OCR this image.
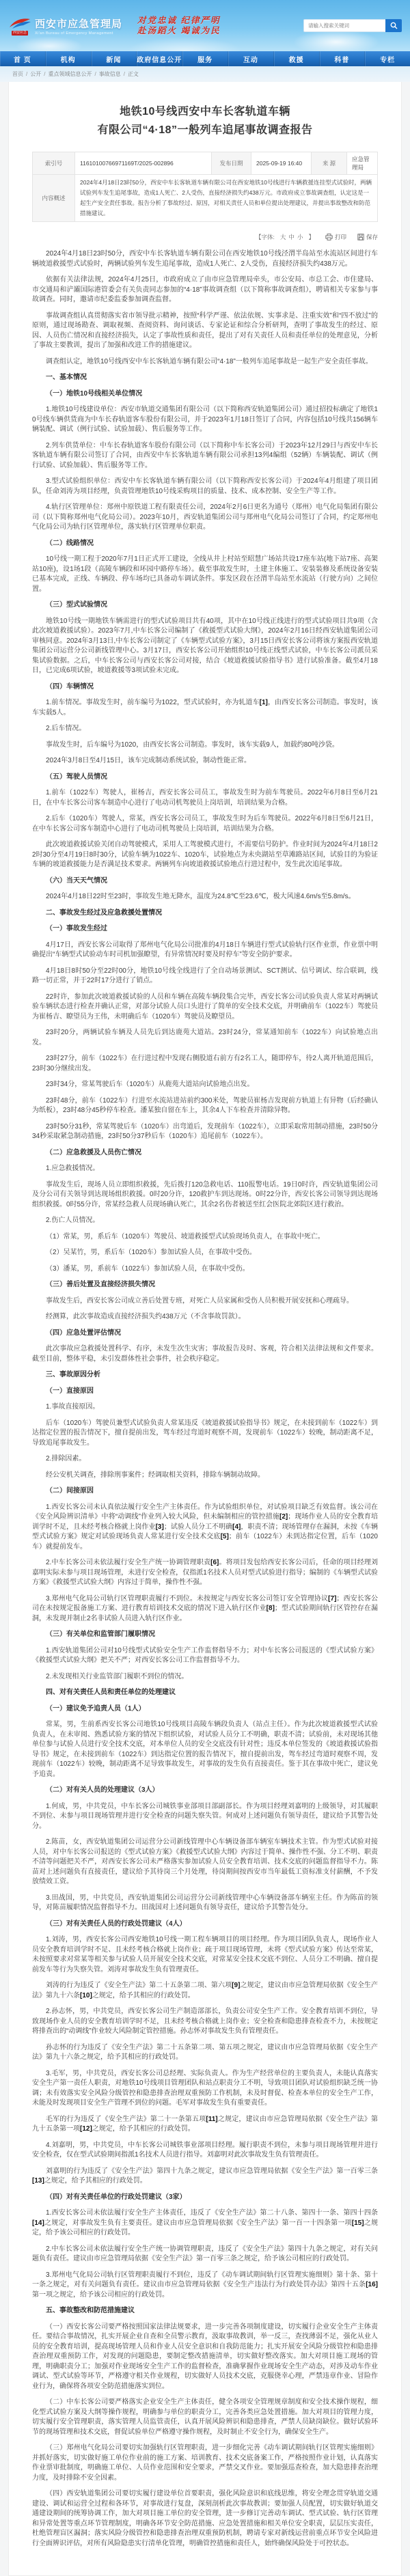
西安应急
西安市应急管理局
Xi'an Bureau of Emergency Management
对党忠诚 纪律严明
赴汤蹈火 竭诚为民
请输入搜索关键词
首 页	机构	新闻	政府信息公开	服务	互动	救援	科普	专栏
首页 / 公开 / 重点领域信息公开 / 事故信息 / 正文
地铁10号线西安中车长客轨道车辆
有限公司“4·18”一般列车追尾事故调查报告
索引号	11610100766971169T/2025-002896	发布日期	2025-09-19 16:40	来 源	应急管理局
内容概述	2024年4月18日23时50分，西安中车长客轨道车辆有限公司在西安地铁10号线进行车辆救援连挂型式试验时，两辆试验列车发生追尾事故，造成1人死亡、2人受伤，直接经济损失约438万元。市政府成立事故调查组，认定这是一起生产安全责任事故。报告分析了事故经过、原因，对相关责任人员和单位提出处理建议，并提出事故整改和防范措施建议。				
【字体: 大 中 小 】	打印	保存
2024年4月18日23时50分，西安中车长客轨道车辆有限公司在西安地铁10号线泾渭半岛站至水流站区间进行车辆坡道救援型式试验时，两辆试验列车发生追尾事故，造成1人死亡、2人受伤，直接经济损失约438万元。
依据有关法律法规，2024年4月25日，市政府成立了由市应急管理局牵头，市公安局、市总工会、市住建局、市交通局和浐灞国际港管委会有关负责同志参加的“4·18”事故调查组（以下简称事故调查组），聘请相关专家参与事故调查。同时，邀请市纪委监委参加调查监督。
事故调查组认真贯彻落实省市领导批示精神，按照“科学严谨、依法依规、实事求是、注重实效”和“四不放过”的原则，通过现场勘查、调取视频、查阅资料、询问谈话、专家论证和综合分析研判，查明了事故发生的经过、原因、人员伤亡情况和直接经济损失，认定了事故性质和责任，提出了对有关责任人员和责任单位的处理意见，分析了事故主要教训，提出了加强和改进工作的措施建议。
调查组认定，地铁10号线西安中车长客轨道车辆有限公司“4·18”一般列车追尾事故是一起生产安全责任事故。
一、基本情况
（一）地铁10号线相关单位情况
1.地铁10号线建设单位：西安市轨道交通集团有限公司（以下简称西安轨道集团公司）通过招投标确定了地铁10号线车辆供货商为中车长春轨道客车股份有限公司，并于2023年1月18日签订了合同，内容包括10号线共156辆车辆装配、调试（例行试验、试验加载）、售后服务等工作。
2.列车供货单位：中车长春轨道客车股份有限公司（以下简称中车长客公司）于2023年12月29日与西安中车长客轨道车辆有限公司签订了合同，由西安中车长客轨道车辆有限公司承担13列4编组（52辆）车辆装配、调试（例行试验、试验加载）、售后服务等工作。
3.型式试验组织单位：西安中车长客轨道车辆有限公司（以下简称西安长客公司）于2024年4月组建了项目团队，任命刘涛为项目经理，负责管理地铁10号线采购项目的质量、技术、成本控制、安全生产等工作。
4.轨行区管理单位：郑州中原铁道工程有限责任公司，2024年2月6日更名为通号（郑州）电气化局集团有限公司（以下简称郑州电气化局公司）。2023年10月，西安轨道集团公司与郑州电气化局公司签订了合同，约定郑州电气化局公司为轨行区管理单位，落实轨行区管理单位职责。
（二）线路情况
10号线一期工程于2020年7月1日正式开工建设，全线从井上村站至昭慧广场站共设17座车站(地下站7座、高架站10座)，设1场1段（高陵车辆段和环园中路停车场）。截至事故发生时，土建主体施工、安装装修及系统设备安装已基本完成，正线、车辆段、停车场均已具备动车调试条件。事发区段在泾渭半岛站至水流站（行驶方向）之间位置。
（三）型式试验情况
地铁10号线一期地铁车辆需进行的型式试验项目共有40项，其中在10号线正线进行的型式试验项目共9项（含此次坡道救援试验）。2023年7月,中车长客公司编制了《救援型式试验大纲》，2024年2月16日经西安轨道集团公司审核同意。2024年3月13日,中车长客公司制定了《车辆型式试验方案》，3月15日西安长客公司将该方案报西安轨道集团公司运营分公司新线管理中心。3月17日，西安长客公司开始组织10号线正线型式试验，中车长客公司派员采集试验数据。之后，中车长客公司与西安长客公司对接，结合《坡道救援试验指导书》进行试验准备。截至4月18日，已完成6项试验，坡道救援等3项试验未完成。
（四）车辆情况
1.前车情况。事故发生时，前车编号为1022，型式试验时，亦为轧道车[1]，由西安长客公司制造。事发时，该车实载5人。
2.后车情况。
事故发生时，后车编号为1020，由西安长客公司制造。事发时，该车实载9人，加载约80吨沙袋。
2024年3月8日至4月15日，该车完成制动系统试验，制动性能正常。
（五）驾驶人员情况
1.前车（1022车）驾驶人，崔杨吉，西安长客公司员工，事故发生时为前车驾驶员。2022年6月8日至6月21日，在中车长客公司客车制造中心进行了电动司机驾驶员上岗培训，培训结果为合格。
2.后车（1020车）驾驶人，常某，西安长客公司员工，事故发生时为后车驾驶员。2022年6月8日至6月21日，在中车长客公司客车制造中心进行了电动司机驾驶员上岗培训，培训结果为合格。
此次坡道救援试验关闭自动驾驶模式，采用人工驾驶模式进行，不需要信号防护。作业时间为2024年4月18日22时30分至4月19日8时30分，试验车辆为1022车、1020车，试验地点为未央湖站至草滩路站区间，试验目的为验证车辆的坡道救援能力是否满足技术要求。两辆列车向坡道救援试验地点行进过程中，发生此次追尾事故。
（六）当天天气情况
2024年4月18日22时至23时，事故发生地无降水，温度为24.8℃至23.6℃，极大风速4.6m/s至5.8m/s。
二、事故发生经过及应急救援处置情况
（一）事故发生经过
4月17日，西安长客公司取得了郑州电气化局公司批准的4月18日车辆进行型式试验轨行区作业票，作业票中明确提出“车辆型式试验动车时司机加强瞭望，有异常情况时要及时停车”等安全防护要求。
4月18日8时50分至22时00分，地铁10号线全线进行了全自动场景测试、SCT测试、信号调试、综合联调，线路一切正常，并于22时17分进行了销点。
22时许，参加此次坡道救援试验的人员和车辆在高陵车辆段集合完毕，西安长客公司试验负责人常某对两辆试验车辆状态进行检查并确认正常，对部分试验人员口头进行了简单的安全技术交底，并明确前车（1022车）驾驶员为崔杨吉、瞭望员为王伟，未明确后车（1020车）驾驶员及瞭望员。
23时20分，两辆试验车辆及人员先后到达鹿苑大道站。23时24分，常某通知前车（1022车）向试验地点出发。
23时27分，前车（1022车）在行进过程中发现右侧股道右前方有2名工人，随即停车，待2人离开轨道范围后，23时30分继续出发。
23时34分，常某驾驶后车（1020车）从鹿苑大道站向试验地点出发。
23时48分，前车（1022车）行进至水流站进站前约300米处，驾驶员崔杨吉发现前方轨道上有异物（后经确认为纸板），23时48分45秒停车检查。潘某独自留在车上，其余4人下车检查并清除异物。
23时50分31秒，常某驾驶后车（1020车）出弯道后，发现前车（1022车），立即采取常用制动措施，23时50分34秒采取紧急制动措施，23时50分37秒后车（1020车）追尾前车（1022车）。
（二）应急救援及人员伤亡情况
1.应急救援情况。
事故发生后，现场人员立即组织救援，先后拨打120急救电话、110报警电话。19日0时许，西安轨道集团公司及分公司有关领导到达现场组织救援。0时20分许，120救护车到达现场。0时22分许，西安长客公司领导到达现场组织救援。0时55分许，常某经急救人员现场确认死亡，其余2名伤者被送至红会医院北郊院区进行救治。
2.伤亡人员情况。
（1）常某，男，系后车（1020车）驾驶员、坡道救援型式试验现场负责人，在事故中死亡。
（2）吴某竹，男，系后车（1020车）参加试验人员，在事故中受伤。
（3）潘某，男，系前车（1022车）参加试验人员，在事故中受伤。
（三）善后处置及直接经济损失情况
事故发生后，西安长客公司成立善后处置专班，对死亡人员家属和受伤人员积极开展安抚和心理疏导。
经测算，此次事故造成直接经济损失约438万元（不含事故罚款）。
（四）应急处置评估情况
此次事故应急救援处置科学、有序，未发生次生灾害；事故报告及时、客观，符合相关法律法规和文件要求。截至目前，整体平稳，未引发群体性社会事件，社会秩序稳定。
三、事故原因分析
（一）直接原因
1.事故直接原因。
后车（1020车）驾驶员兼型式试验负责人常某违反《坡道救援试验指导书》规定，在未接到前车（1022车）到达指定位置的报告情况下，擅自提前出发，驾车经过弯道时观察不周，发现前车（1022车）较晚，制动距离不足，导致追尾事故发生。
2.排除因素。
经公安机关调查，排除刑事案件；经调取相关资料，排除车辆制动故障。
（二）间接原因
1.西安长客公司未认真依法履行安全生产主体责任。作为试验组织单位，对试验项目缺乏有效监督。该公司在《安全风险辨识清单》中将“动调线”作业列入较大风险，但未编制相应的管控措施[2]；现场作业人员的安全教育培训学时不足，且未经考核合格就上岗作业[3]；试验人员分工不明确[4]，职责不清；现场管理存在漏洞，未按《车辆型式试验方案》规定对试验现场负责人常某进行安全技术交底[5]；前车（1022车）未到达指定位置，后车（1020车）就提前发车。
2.中车长客公司未依法履行安全生产统一协调管理职责[6]。将项目发包给西安长客公司后，任命的项目经理刘嘉明实际未参与项目现场管理，未进行安全检查，仅指派1名技术人员对型式试验进行指导；编制的《车辆型式试验方案》《救援型式试验大纲》内容过于简单，操作性不强。
3.郑州电气化局公司轨行区管理职责履行不到位。未按规定与西安长客公司签订安全管理协议[7]；西安长客公司在未按规定报备施工方案、进行教育培训技术交底的情况下进入轨行区作业[8]；型式试验期间轨行区管控存在漏洞，未发现并制止2名非试验人员进入轨行区作业。
（三）有关单位和监管部门履职情况
1.西安轨道集团公司对10号线型式试验安全生产工作监督指导不力；对中车长客公司报送的《型式试验方案》《救援型式试验大纲》把关不严；对西安长客公司工作监督指导不力。
2.未发现相关行业监管部门履职不到位的情况。
四、对有关责任人员和责任单位的处理建议
（一）建议免予追责人员（1人）
常某，男，生前系西安长客公司地铁10号线项目高陵车辆段负责人（站点主任）。作为此次坡道救援型式试验负责人，在未审阅、熟悉试验方案的情况下组织试验，对试验人员分工不明确，职责不清；试验前，未对现场其他单位参与试验人员进行安全技术交底，对本单位人员的安全交底没有针对性；违反本单位签发的《坡道救援试验指导书》规定，在未接到前车（1022车）到达指定位置的报告情况下，擅自提前出发，驾车经过弯道时观察不周，发现前车（1022车）较晚，制动距离不足导致事故发生，对事故的发生负有直接责任。鉴于其在事故中死亡，建议免予追责。
（二）对有关人员的处理建议（3人）
1.何成，男，中共党员，中车长客公司城铁事业部项目部副部长。作为项目经理刘嘉明的上级领导，对其履职不到位、未参与项目现场管理并进行安全检查的问题失察失管。何成对上述问题负有领导责任，建议给予其警告处分。
2.陈苗，女，西安轨道集团公司运营分公司新线管理中心车辆设备部车辆室车辆技术主管。作为型式试验对接人员，对中车长客公司报送的《型式试验方案》《救援型式试验大纲》内容过于简单、操作性不强、分工不明、职责不清等问题把关不严，对西安长客公司未严格落实参加试验人员安全教育培训、技术交底的问题监督指导不力。陈苗对上述问题负有直接责任，建议给予其待岗三个月处理，待岗期间按西安市当年最低工资标准支付薪酬，不予发放绩效工资。
3.田战国，男，中共党员，西安轨道集团公司运营分公司新线管理中心车辆设备部车辆室主任。作为陈苗的领导，对陈苗履职情况监督指导不力。田战国对上述问题负有领导责任，建议给予其警告处分。
（三）对有关责任人员的行政处罚建议（4人）
1.刘涛，男，西安长客公司西安地铁10号线一期工程车辆项目的项目经理。作为项目团队负责人，现场作业人员安全教育培训学时不足、且未经考核合格就上岗作业；疏于项目现场管理，未将《型式试验方案》传达至常某，未按照要求对常某等相关参与试验人员开展安全技术交底，对常某安全技术交底不到位、人员分工不明确、擅自提前发车等行为失察失管。刘涛对事故发生负有管理责任。
刘涛的行为违反了《安全生产法》第二十五条第二项、第六项[9]之规定，建议由市应急管理局依据《安全生产法》第九十六条[10]之规定，给予其相应的行政处罚。
2.孙志怀，男，中共党员，西安长客公司生产制造部部长，负责公司安全生产工作。安全教育培训不到位，导致现场作业人员的安全教育培训学时不足，且未经考核合格就上岗作业；安全检查和隐患排查检查不力，未按规定将排查出的“动调线”作业较大风险制定管控措施。孙志怀对事故发生负有管理责任。
孙志怀的行为违反了《安全生产法》第二十五条第二项、第五项之规定，建议由市应急管理局依据《安全生产法》第九十六条之规定，给予其相应的行政处罚。
3.毛军，男，中共党员，西安长客公司总经理、实际负责人。作为生产经营单位的主要负责人，未能认真落实安全生产第一责任人职责，对地铁10号线项目管理团队和站点职责分工不明，导致项目团队对试验组织缺乏统一协调；未有效落实安全风险分级管控和隐患排查治理双重预防工作机制，未及时督促、检查本单位的安全生产工作，未能及时发现项目安全生产管理不到位的问题。毛军对事故发生负有重要责任。
毛军的行为违反了《安全生产法》第二十一条第五项[11]之规定，建议由市应急管理局依据《安全生产法》第九十五条第一项[12]之规定，给予其相应的行政处罚。
4.刘嘉明，男，中共党员，中车长客公司城铁事业部项目经理。履行职责不到位，未参与项目现场管理并进行安全检查，仅在型式试验期间指派1名技术人员进行指导。刘嘉明对此次事故发生负有管理责任。
刘嘉明的行为违反了《安全生产法》第四十九条之规定，建议市应急管理局依据《安全生产法》第一百零三条[13]之规定，给予其相应的行政处罚。
（四）对有关责任单位的行政处罚建议（3家）
1.西安长客公司未依法履行安全生产主体责任，违反了《安全生产法》第二十八条、第四十一条、第四十四条[14]之规定，对事故发生负有主要责任。建议由市应急管理局依据《安全生产法》第一百一十四条第一项[15]之规定，给予该公司相应的行政处罚。
2.中车长客公司未依法履行安全生产统一协调管理职责，违反了《安全生产法》第四十九条之规定，对有关问题负有责任。建议由市应急管理局依据《安全生产法》第一百零三条之规定，给予该公司相应的行政处罚。
3.郑州电气化局公司轨行区管理职责履行不到位，违反了《动车调试期间轨行区管理实施细则》第十条、第十一条之规定，对有关问题负有责任。建议由市应急管理局依据《安全生产违法行为行政处罚办法》第四十五条[16]第一项之规定，给予该公司相应的行政处罚。
五、事故整改和防范措施建议
（一）西安长客公司要严格按照国家法律法规要求，进一步完善各项制度建设，切实履行企业安全生产主体责任。要结合事故情况，扎实开展企业自查和全员警示教育，汲取事故教训，举一反三，查找薄弱不足，强化从业人员的安全教育培训，提高现场管理人员和作业人员安全意识和自我防范能力；扎实开展安全风险分级管控和隐患排查治理双重预防工作，对发现的问题隐患，要制定整改措施清单，切实做好整改落实。加大对项目施工现场的管理，明确职责分工；加强对作业现场安全生产工作的监督检查，准确掌握作业现场安全生产动态，对涉及动车作业调试、型式试验等环节，严格遵守相关作业规程，切实做好人员技术交底，克服侥幸心理，严禁违章作业、冒险作业行为，确保将各项安全防范措施落实到位。
（二）中车长客公司要严格落实企业安全生产主体责任，健全各项安全管理规章制度和安全技术操作规程，细化型式试验方案及大纲等操作规程，明确参与单位的职责分工，完善各类应急处置措施。加大对项目的管理力度，切实履行安全管理职责，落实管理人员监管责任，认真开展风险辨识和隐患排查，严禁人员缺岗缺位。做好试验环节的现场管理和技术交底，督促试验单位严格遵守操作规程，及时制止不安全行为，确保安全生产。
（三）郑州电气化局公司要切实加强轨行区管理职责，进一步细化完善《动车调试期间轨行区管理实施细则》并抓好落实，切实做好施工单位作业前的施工方案、培训教育、技术交底备案工作，严格按照作业计划，认真落实作业票审批制度，明确施工单位、人员作业范围和安全要求，严禁交叉作业。要加强巡查检查，加大隐患排查治理力度，及时排除不安全因素。
（四）西安轨道集团公司要切实履行建设单位首要职责，强化风险意识和底线思维，将安全理念贯穿轨道交通建设、调试和运营全过程和各环节，对事故进行复盘，深刻剖析此次事故教训；要加强人员配置，切实做好轨道交通建设期间的统筹协调工作，加大对项目施工单位的安全管理，进一步修订完善动车调试、型式试验、轨行区管理和异常处置等重点环节管理制度，明确各环节安全防范措施、应急处置措施和相关单位安全职责，层层压实责任，杜绝管理盲区漏洞；落实风险分级管控和隐患排查治理双重预防机制，聘请专家对新线运营前重点环节安全风险进行全面辨识评估，对所有风险隐患实行清单化管理，明确管控措施和责任人，始终确保风险处于可控状态。
